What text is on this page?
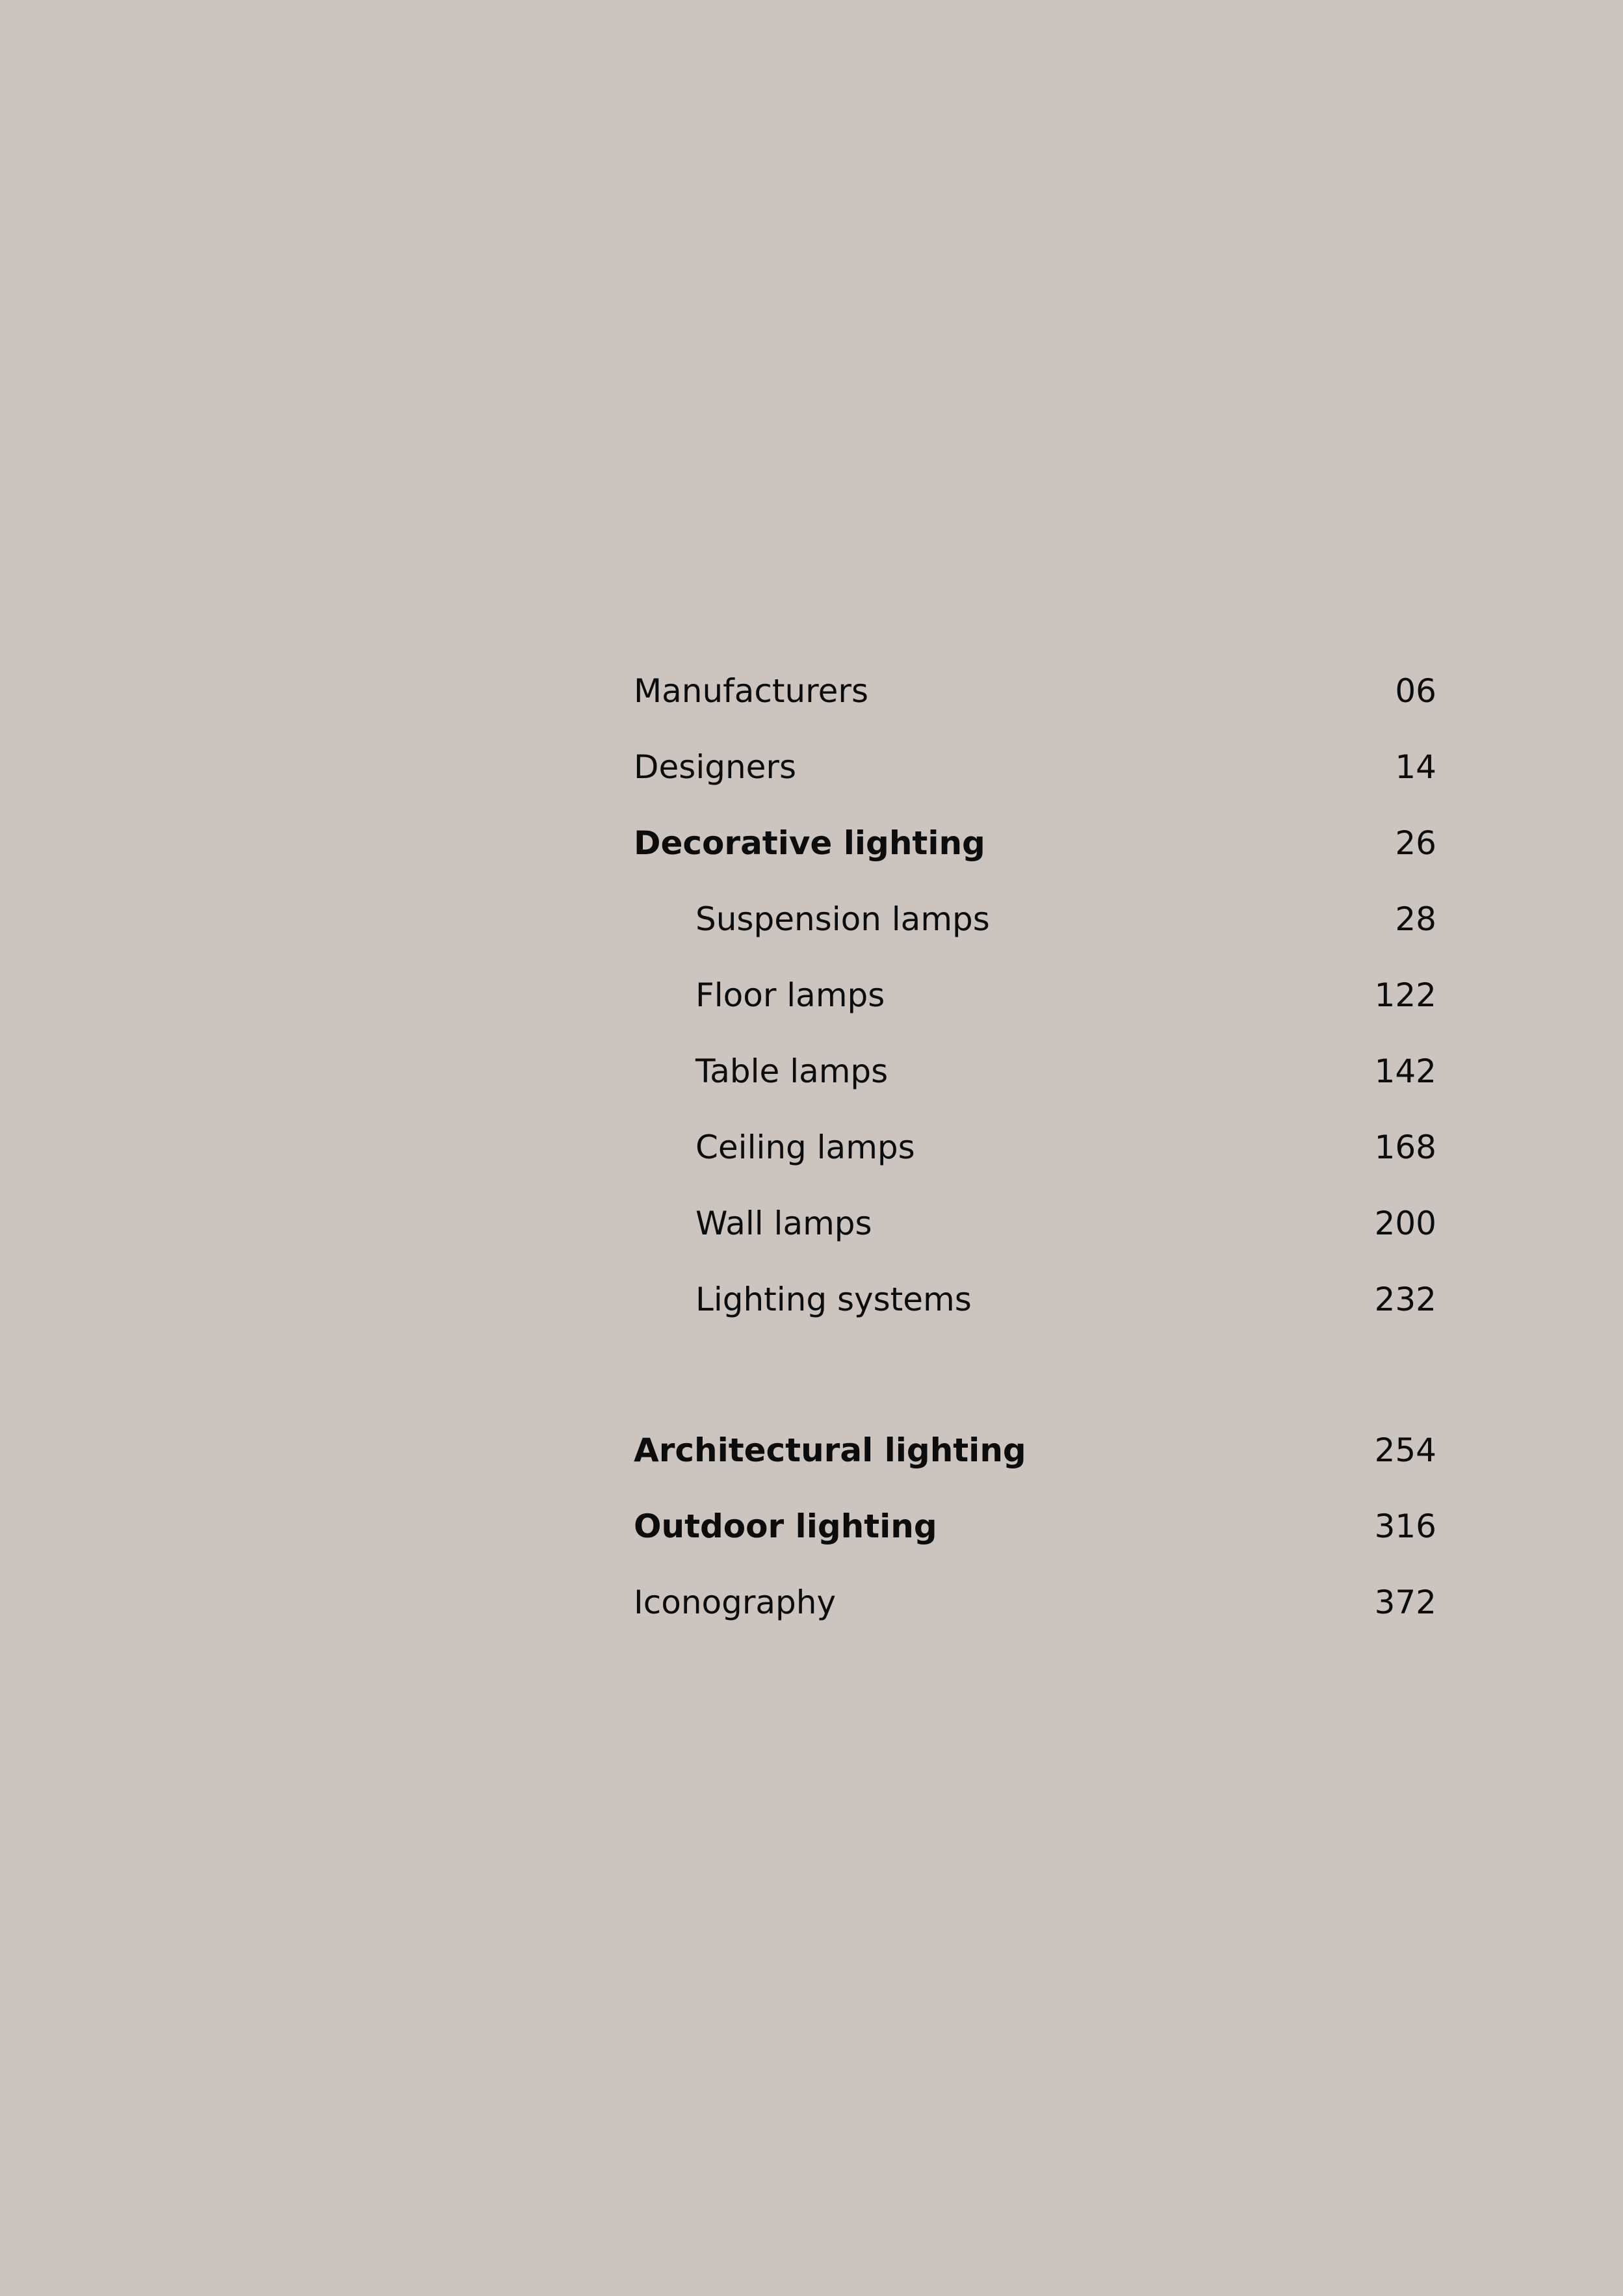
Manufacturers	06
Designers	14
Decorative lighting	26
Suspension lamps	28
Floor lamps	122
Table lamps	142
Ceiling lamps	168
Wall lamps	200
Lighting systems	232
Architectural lighting	254
Outdoor lighting	316
Iconography	372
